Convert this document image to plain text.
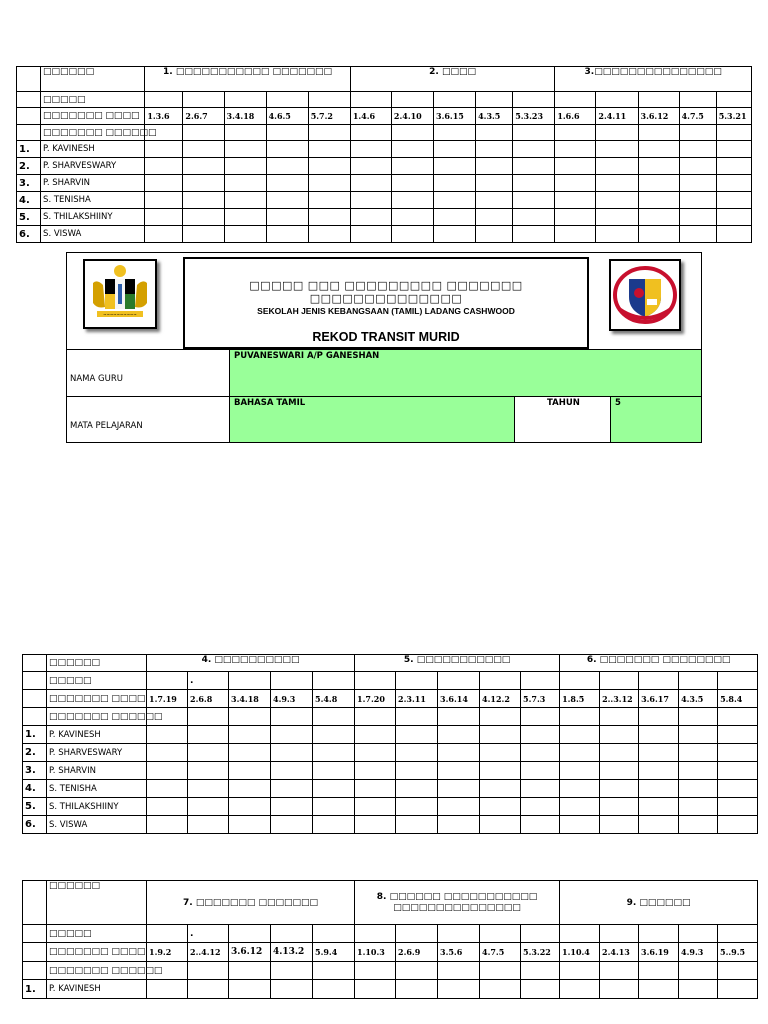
	□□□□□□	1. □□□□□□□□□□□ □□□□□□□					2. □□□□					3.□□□□□□□□□□□□□□□				
	□□□□□															
	□□□□□□□ □□□□	1.3.6	2.6.7	3.4.18	4.6.5	5.7.2	1.4.6	2.4.10	3.6.15	4.3.5	5.3.23	1.6.6	2.4.11	3.6.12	4.7.5	5.3.21
	□□□□□□□ □□□□□□															
1.	P. KAVINESH															
2.	P. SHARVESWARY															
3.	P. SHARVIN															
4.	S. TENISHA															
5.	S. THILAKSHIINY															
6.	S. VISWA															
~~~~~~~~~~
□□□□□ □□□ □□□□□□□□□ □□□□□□□ □□□□□□□□□□□□□□
SEKOLAH JENIS KEBANGSAAN (TAMIL) LADANG CASHWOOD
REKOD TRANSIT MURID
NAMA GURU
PUVANESWARI A/P GANESHAN
MATA PELAJARAN
BAHASA TAMIL	TAHUN	5
	□□□□□□	4. □□□□□□□□□□					5. □□□□□□□□□□□					6. □□□□□□□ □□□□□□□□				
	□□□□□		.													
	□□□□□□□ □□□□	1.7.19	2.6.8	3.4.18	4.9.3	5.4.8	1.7.20	2.3.11	3.6.14	4.12.2	5.7.3	1.8.5	2..3.12	3.6.17	4.3.5	5.8.4
	□□□□□□□ □□□□□□															
1.	P. KAVINESH															
2.	P. SHARVESWARY															
3.	P. SHARVIN															
4.	S. TENISHA															
5.	S. THILAKSHIINY															
6.	S. VISWA															
	□□□□□□	7. □□□□□□□ □□□□□□□					8. □□□□□□ □□□□□□□□□□□ □□□□□□□□□□□□□□□					9. □□□□□□				
	□□□□□		.													
	□□□□□□□ □□□□	1.9.2	2..4.12	3.6.12	4.13.2	5.9.4	1.10.3	2.6.9	3.5.6	4.7.5	5.3.22	1.10.4	2.4.13	3.6.19	4.9.3	5..9.5
	□□□□□□□ □□□□□□															
1.	P. KAVINESH															
